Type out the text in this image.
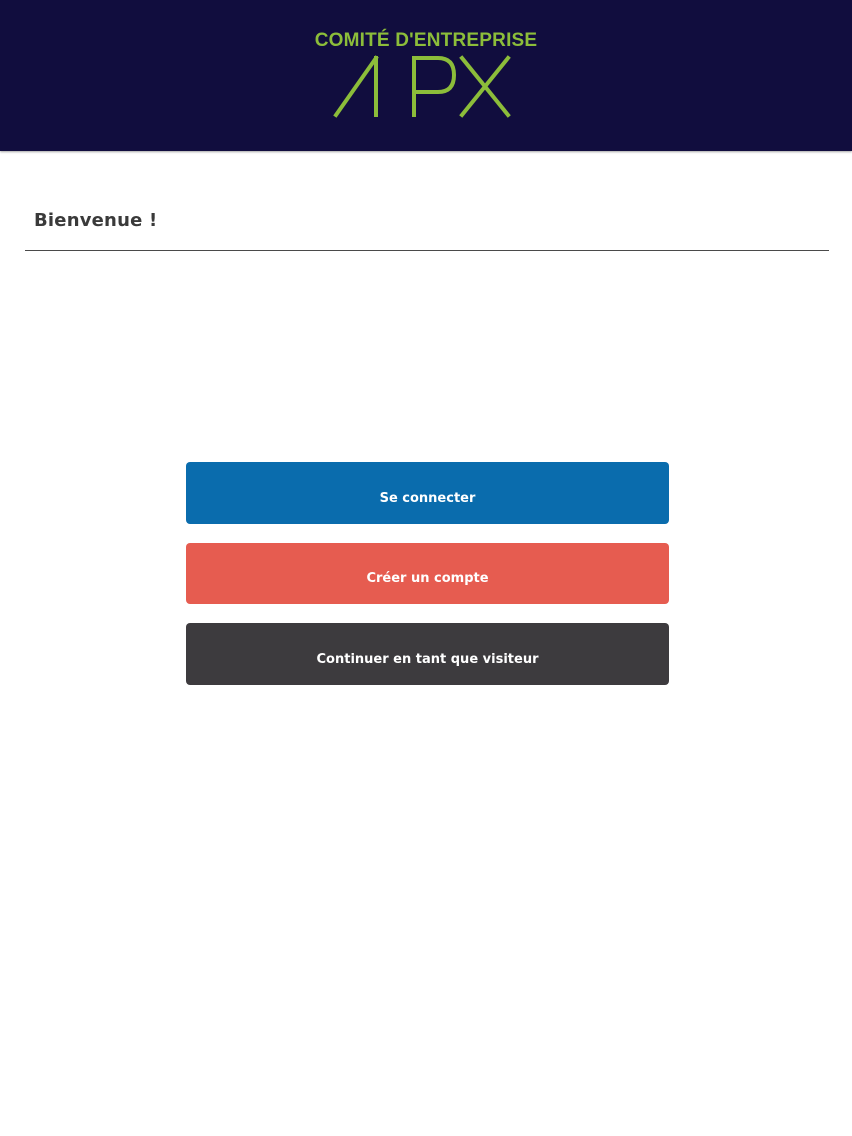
COMITÉ D'ENTREPRISE
Bienvenue !
Se connecter
Créer un compte
Continuer en tant que visiteur
